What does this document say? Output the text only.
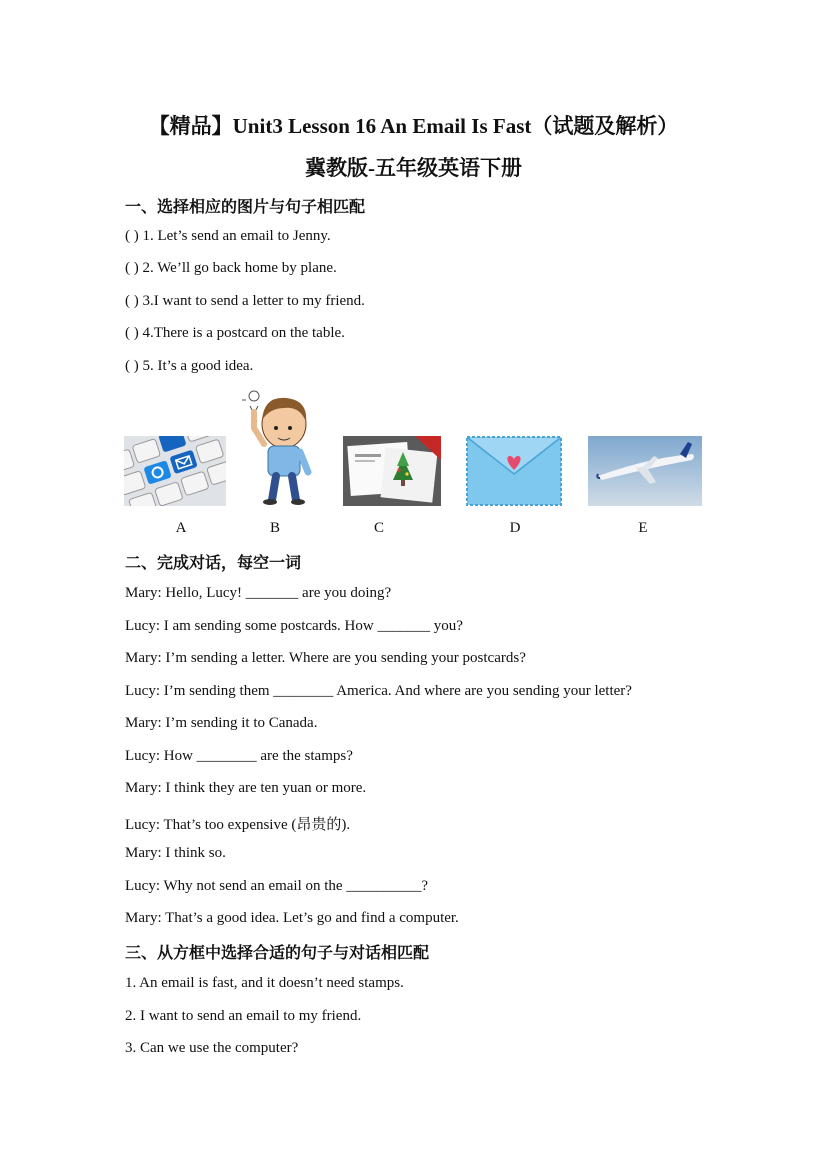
【精品】Unit3 Lesson 16 An Email Is Fast（试题及解析）
冀教版-五年级英语下册
一、选择相应的图片与句子相匹配
( ) 1. Let’s send an email to Jenny.
( ) 2. We’ll go back home by plane.
( ) 3.I want to send a letter to my friend.
( ) 4.There is a postcard on the table.
( ) 5. It’s a good idea.
A	B	C	D	E
二、完成对话，每空一词
Mary: Hello, Lucy! _______ are you doing?
Lucy: I am sending some postcards. How _______ you?
Mary: I’m sending a letter. Where are you sending your postcards?
Lucy: I’m sending them ________ America. And where are you sending your letter?
Mary: I’m sending it to Canada.
Lucy: How ________ are the stamps?
Mary: I think they are ten yuan or more.
Lucy: That’s too expensive (昂贵的).
Mary: I think so.
Lucy: Why not send an email on the __________?
Mary: That’s a good idea. Let’s go and find a computer.
三、从方框中选择合适的句子与对话相匹配
1. An email is fast, and it doesn’t need stamps.
2. I want to send an email to my friend.
3. Can we use the computer?
